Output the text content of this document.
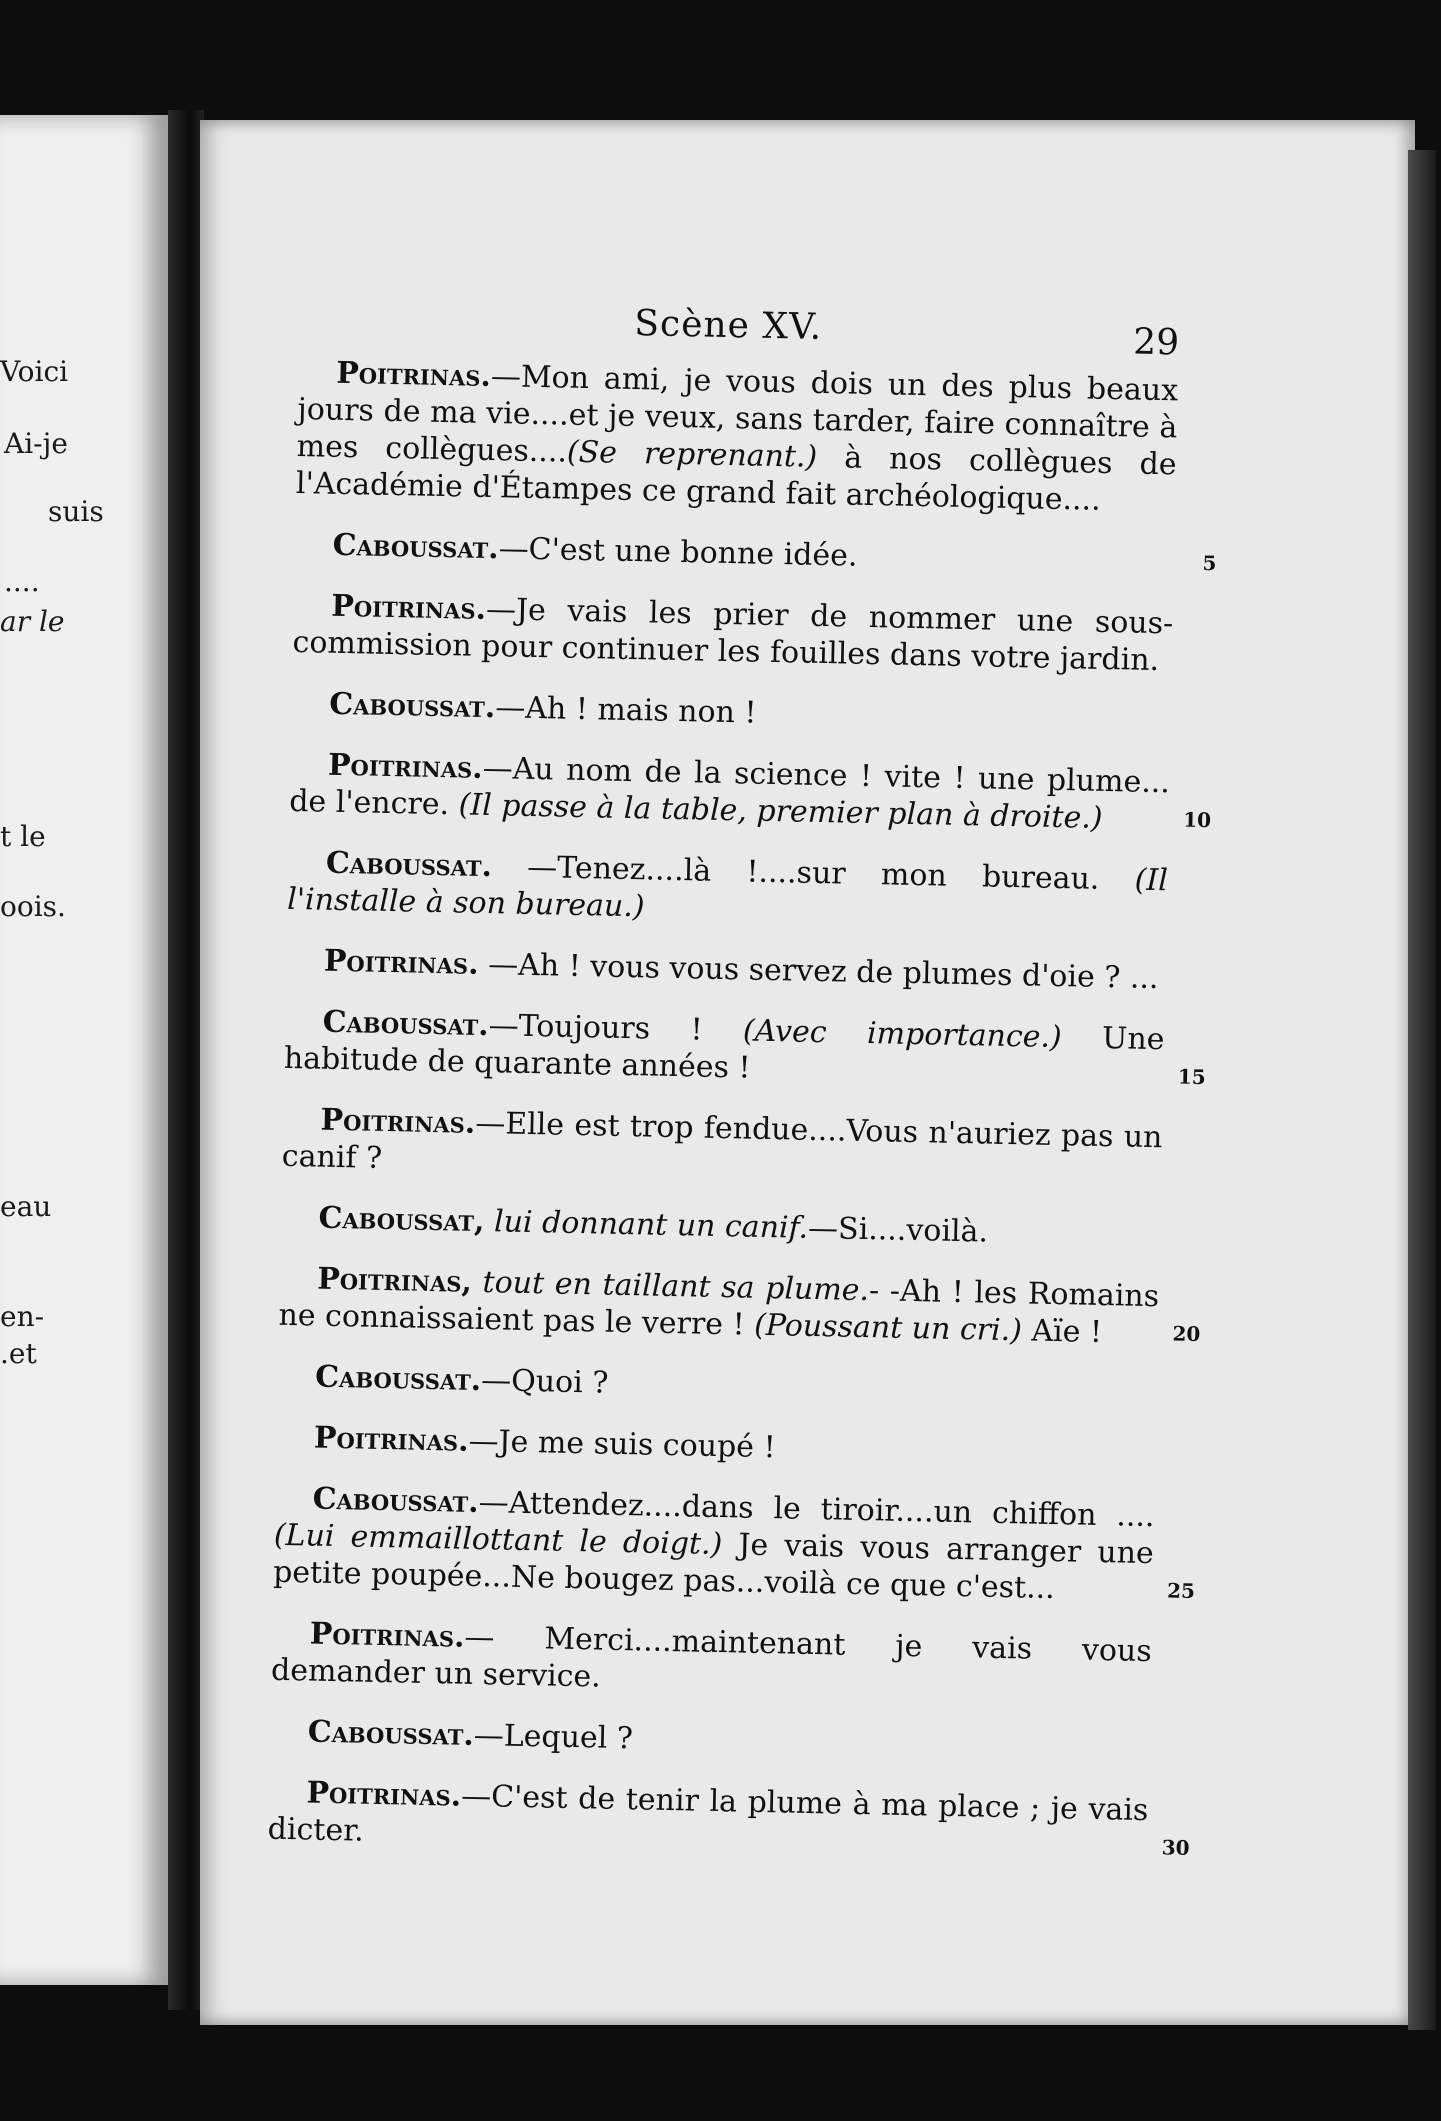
Voici
Ai-je
suis
....
ar le
t le
oois.
eau
en-
.et
Scène XV.	29

Poitrinas.—Mon ami, je vous dois un des plus beaux jours de ma vie....et je veux, sans tarder, faire connaître à mes collègues....(Se reprenant.) à nos collègues de l'Académie d'Étampes ce grand fait archéologique....

Caboussat.—C'est une bonne idée.	5

Poitrinas.—Je vais les prier de nommer une sous-commission pour continuer les fouilles dans votre jardin.

Caboussat.—Ah ! mais non !

Poitrinas.—Au nom de la science ! vite ! une plume... de l'encre. (Il passe à la table, premier plan à droite.)	10

Caboussat. —Tenez....là !....sur mon bureau. (Il l'installe à son bureau.)

Poitrinas. —Ah ! vous vous servez de plumes d'oie ? ...

Caboussat.—Toujours ! (Avec importance.) Une habitude de quarante années !	15

Poitrinas.—Elle est trop fendue....Vous n'auriez pas un canif ?

Caboussat, lui donnant un canif.—Si....voilà.

Poitrinas, tout en taillant sa plume.- -Ah ! les Romains ne connaissaient pas le verre ! (Poussant un cri.) Aïe !	20

Caboussat.—Quoi ?

Poitrinas.—Je me suis coupé !

Caboussat.—Attendez....dans le tiroir....un chiffon ....(Lui emmaillottant le doigt.) Je vais vous arranger une petite poupée...Ne bougez pas...voilà ce que c'est...	25

Poitrinas.— Merci....maintenant je vais vous demander un service.

Caboussat.—Lequel ?

Poitrinas.—C'est de tenir la plume à ma place ; je vais dicter.	30
